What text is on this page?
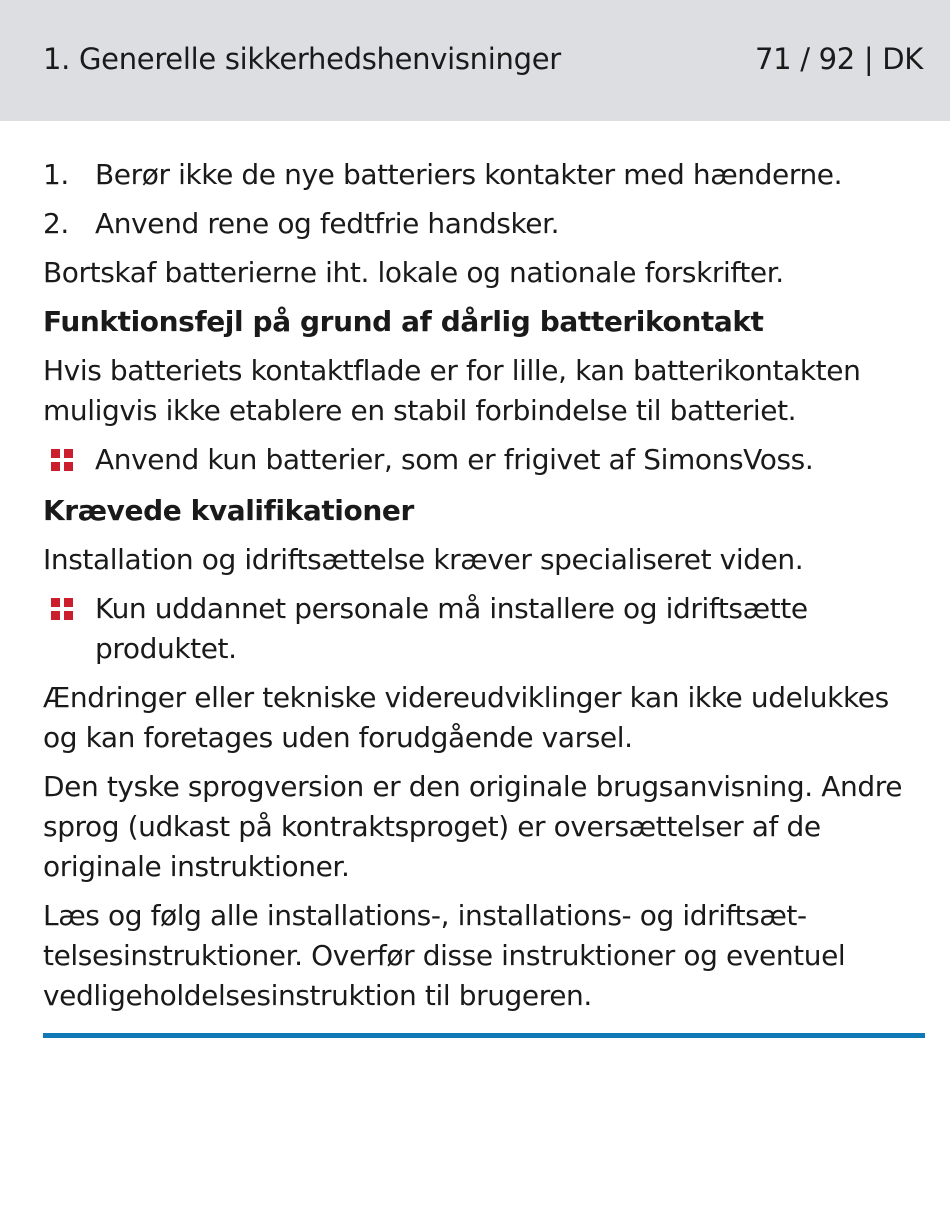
1. Generelle sikkerhedshenvisninger	71 / 92 | DK
1. Berør ikke de nye batteriers kontakter med hænderne.
2. Anvend rene og fedtfrie handsker.

Bortskaf batterierne iht. lokale og nationale forskrifter.

Funktionsfejl på grund af dårlig batterikontakt

Hvis batteriets kontaktflade er for lille, kan batterikontakten muligvis ikke etablere en stabil forbindelse til batteriet.

Anvend kun batterier, som er frigivet af SimonsVoss.

Krævede kvalifikationer

Installation og idriftsættelse kræver specialiseret viden.

Kun uddannet personale må installere og idriftsætte produktet.

Ændringer eller tekniske videreudviklinger kan ikke udelukkes og kan foretages uden forudgående varsel.

Den tyske sprogversion er den originale brugsanvisning. Andre sprog (udkast på kontraktsproget) er oversættelser af de originale instruktioner.

Læs og følg alle installations-, installations- og idriftsættelsesinstruktioner. Overfør disse instruktioner og eventuel vedligeholdelsesinstruktion til brugeren.
